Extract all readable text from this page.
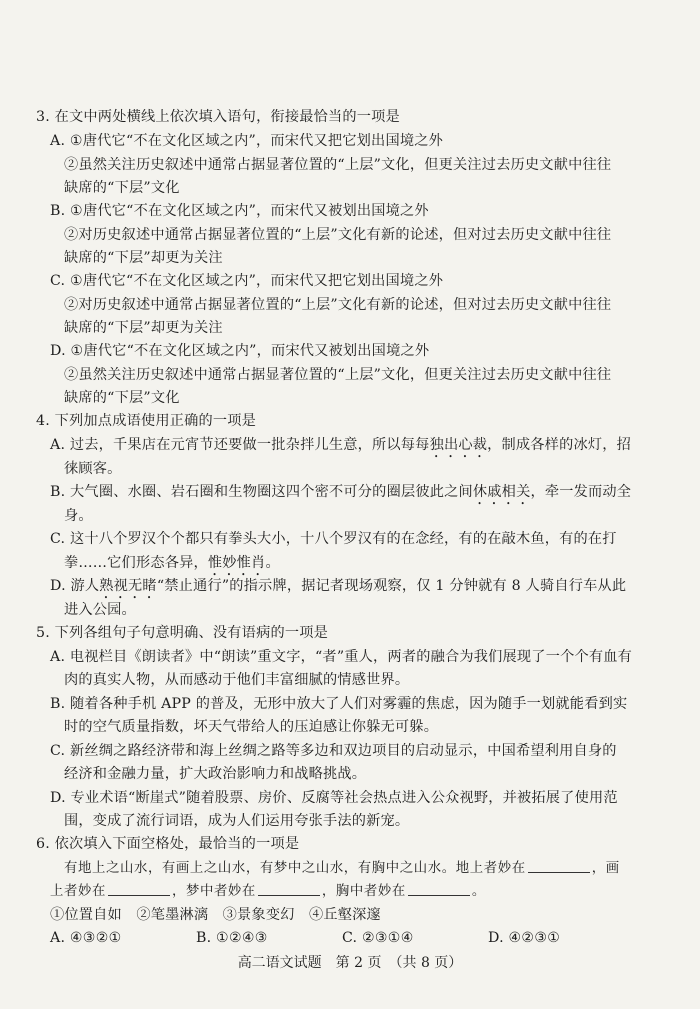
3. 在文中两处横线上依次填入语句，衔接最恰当的一项是
A. ①唐代它“不在文化区域之内”，而宋代又把它划出国境之外
②虽然关注历史叙述中通常占据显著位置的“上层”文化，但更关注过去历史文献中往往
缺席的“下层”文化
B. ①唐代它“不在文化区域之内”，而宋代又被划出国境之外
②对历史叙述中通常占据显著位置的“上层”文化有新的论述，但对过去历史文献中往往
缺席的“下层”却更为关注
C. ①唐代它“不在文化区域之内”，而宋代又把它划出国境之外
②对历史叙述中通常占据显著位置的“上层”文化有新的论述，但对过去历史文献中往往
缺席的“下层”却更为关注
D. ①唐代它“不在文化区域之内”，而宋代又被划出国境之外
②虽然关注历史叙述中通常占据显著位置的“上层”文化，但更关注过去历史文献中往往
缺席的“下层”文化
4. 下列加点成语使用正确的一项是
A. 过去，千果店在元宵节还要做一批杂拌儿生意，所以每每独出心裁，制成各样的冰灯，招
徕顾客。
B. 大气圈、水圈、岩石圈和生物圈这四个密不可分的圈层彼此之间休戚相关，牵一发而动全
身。
C. 这十八个罗汉个个都只有拳头大小，十八个罗汉有的在念经，有的在敲木鱼，有的在打
拳……它们形态各异，惟妙惟肖。
D. 游人熟视无睹“禁止通行”的指示牌，据记者现场观察，仅 1 分钟就有 8 人骑自行车从此
进入公园。
5. 下列各组句子句意明确、没有语病的一项是
A. 电视栏目《朗读者》中“朗读”重文字，“者”重人，两者的融合为我们展现了一个个有血有
肉的真实人物，从而感动于他们丰富细腻的情感世界。
B. 随着各种手机 APP 的普及，无形中放大了人们对雾霾的焦虑，因为随手一划就能看到实
时的空气质量指数，坏天气带给人的压迫感让你躲无可躲。
C. 新丝绸之路经济带和海上丝绸之路等多边和双边项目的启动显示，中国希望利用自身的
经济和金融力量，扩大政治影响力和战略挑战。
D. 专业术语“断崖式”随着股票、房价、反腐等社会热点进入公众视野，并被拓展了使用范
围，变成了流行词语，成为人们运用夸张手法的新宠。
6. 依次填入下面空格处，最恰当的一项是
有地上之山水，有画上之山水，有梦中之山水，有胸中之山水。地上者妙在	，画
上者妙在	，梦中者妙在	，胸中者妙在	。
①位置自如　②笔墨淋漓　③景象变幻　④丘壑深邃
A. ④③②①	B. ①②④③	C. ②③①④	D. ④②③①
高二语文试题　第 2 页　（共 8 页）
